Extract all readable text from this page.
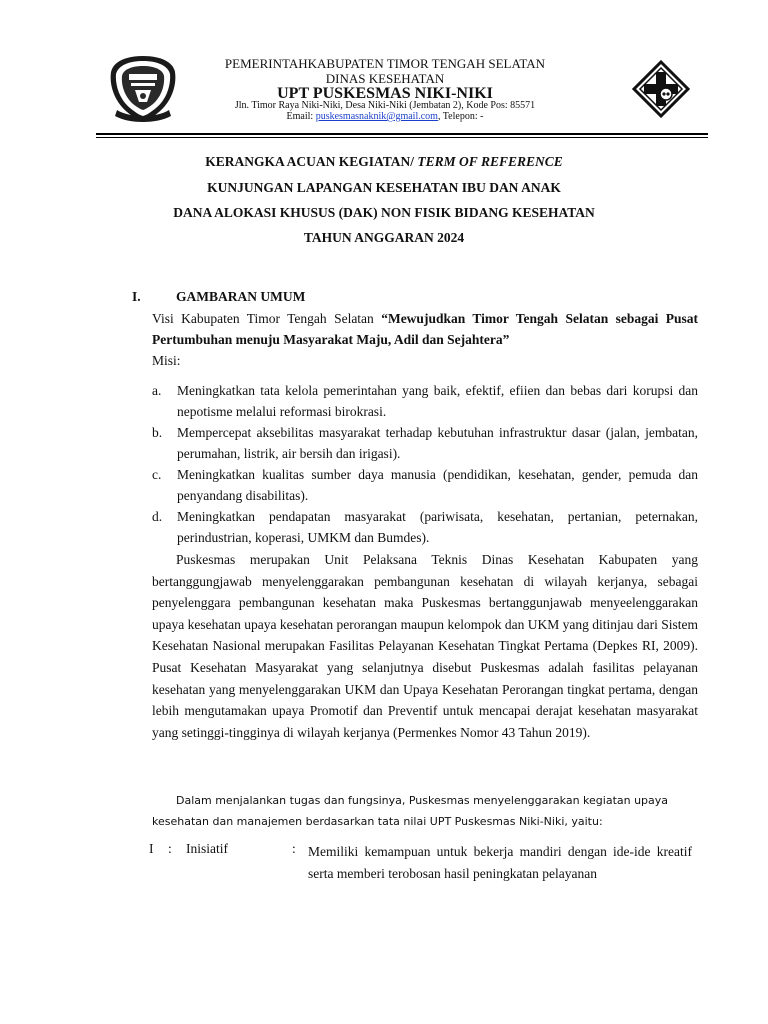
PEMERINTAHKABUPATEN TIMOR TENGAH SELATAN
DINAS KESEHATAN
UPT PUSKESMAS NIKI-NIKI
Jln. Timor Raya Niki-Niki, Desa Niki-Niki (Jembatan 2), Kode Pos: 85571
Email: puskesmasnaknik@gmail.com, Telepon: -
KERANGKA ACUAN KEGIATAN/ TERM OF REFERENCE
KUNJUNGAN LAPANGAN KESEHATAN IBU DAN ANAK
DANA ALOKASI KHUSUS (DAK) NON FISIK BIDANG KESEHATAN
TAHUN ANGGARAN 2024
I.	GAMBARAN UMUM
Visi Kabupaten Timor Tengah Selatan “Mewujudkan Timor Tengah Selatan sebagai Pusat Pertumbuhan menuju Masyarakat Maju, Adil dan Sejahtera”
Misi:
a.	Meningkatkan tata kelola pemerintahan yang baik, efektif, efiien dan bebas dari korupsi dan nepotisme melalui reformasi birokrasi.
b.	Mempercepat aksebilitas masyarakat terhadap kebutuhan infrastruktur dasar (jalan, jembatan, perumahan, listrik, air bersih dan irigasi).
c.	Meningkatkan kualitas sumber daya manusia (pendidikan, kesehatan, gender, pemuda dan penyandang disabilitas).
d.	Meningkatkan pendapatan masyarakat (pariwisata, kesehatan, pertanian, peternakan, perindustrian, koperasi, UMKM dan Bumdes).
Puskesmas merupakan Unit Pelaksana Teknis Dinas Kesehatan Kabupaten yang bertanggungjawab menyelenggarakan pembangunan kesehatan di wilayah kerjanya, sebagai penyelenggara pembangunan kesehatan maka Puskesmas bertanggunjawab menyeelenggarakan upaya kesehatan upaya kesehatan perorangan maupun kelompok dan UKM yang ditinjau dari Sistem Kesehatan Nasional merupakan Fasilitas Pelayanan Kesehatan Tingkat Pertama (Depkes RI, 2009). Pusat Kesehatan Masyarakat yang selanjutnya disebut Puskesmas adalah fasilitas pelayanan kesehatan yang menyelenggarakan UKM dan Upaya Kesehatan Perorangan tingkat pertama, dengan lebih mengutamakan upaya Promotif dan Preventif untuk mencapai derajat kesehatan masyarakat yang setinggi-tingginya di wilayah kerjanya (Permenkes Nomor 43 Tahun 2019).
Dalam menjalankan tugas dan fungsinya, Puskesmas menyelenggarakan kegiatan upaya kesehatan dan manajemen berdasarkan tata nilai UPT Puskesmas Niki-Niki, yaitu:
I : Inisiatif	: Memiliki kemampuan untuk bekerja mandiri dengan ide-ide kreatif serta memberi terobosan hasil peningkatan pelayanan
